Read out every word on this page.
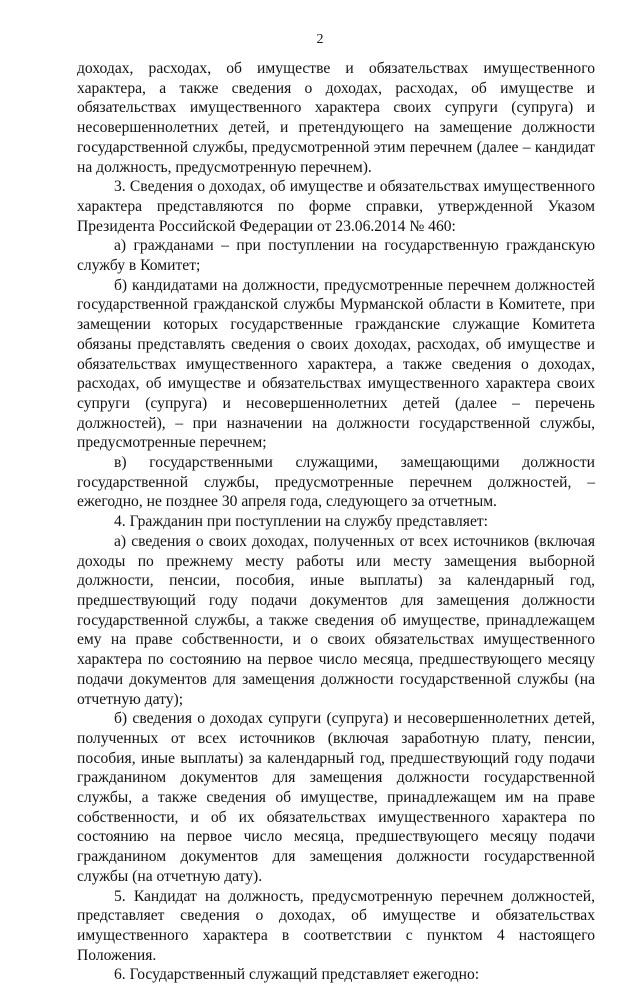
2

доходах, расходах, об имуществе и обязательствах имущественного характера, а также сведения о доходах, расходах, об имуществе и обязательствах имущественного характера своих супруги (супруга) и несовершеннолетних детей, и претендующего на замещение должности государственной службы, предусмотренной этим перечнем (далее – кандидат на должность, предусмотренную перечнем).

3. Сведения о доходах, об имуществе и обязательствах имущественного характера представляются по форме справки, утвержденной Указом Президента Российской Федерации от 23.06.2014 № 460:

а) гражданами – при поступлении на государственную гражданскую службу в Комитет;

б) кандидатами на должности, предусмотренные перечнем должностей государственной гражданской службы Мурманской области в Комитете, при замещении которых государственные гражданские служащие Комитета обязаны представлять сведения о своих доходах, расходах, об имуществе и обязательствах имущественного характера, а также сведения о доходах, расходах, об имуществе и обязательствах имущественного характера своих супруги (супруга) и несовершеннолетних детей (далее – перечень должностей), – при назначении на должности государственной службы, предусмотренные перечнем;

в) государственными служащими, замещающими должности государственной службы, предусмотренные перечнем должностей, – ежегодно, не позднее 30 апреля года, следующего за отчетным.

4. Гражданин при поступлении на службу представляет:

а) сведения о своих доходах, полученных от всех источников (включая доходы по прежнему месту работы или месту замещения выборной должности, пенсии, пособия, иные выплаты) за календарный год, предшествующий году подачи документов для замещения должности государственной службы, а также сведения об имуществе, принадлежащем ему на праве собственности, и о своих обязательствах имущественного характера по состоянию на первое число месяца, предшествующего месяцу подачи документов для замещения должности государственной службы (на отчетную дату);

б) сведения о доходах супруги (супруга) и несовершеннолетних детей, полученных от всех источников (включая заработную плату, пенсии, пособия, иные выплаты) за календарный год, предшествующий году подачи гражданином документов для замещения должности государственной службы, а также сведения об имуществе, принадлежащем им на праве собственности, и об их обязательствах имущественного характера по состоянию на первое число месяца, предшествующего месяцу подачи гражданином документов для замещения должности государственной службы (на отчетную дату).

5. Кандидат на должность, предусмотренную перечнем должностей, представляет сведения о доходах, об имуществе и обязательствах имущественного характера в соответствии с пунктом 4 настоящего Положения.

6. Государственный служащий представляет ежегодно:
